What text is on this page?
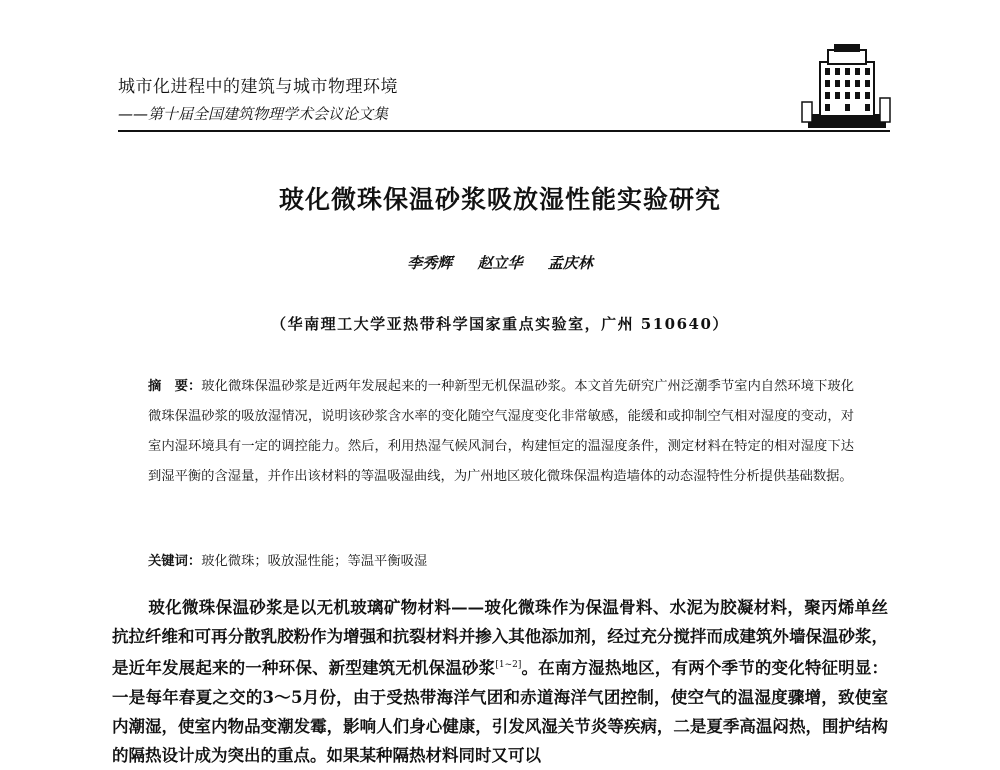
城市化进程中的建筑与城市物理环境
——第十届全国建筑物理学术会议论文集
玻化微珠保温砂浆吸放湿性能实验研究
李秀辉 赵立华 孟庆林
（华南理工大学亚热带科学国家重点实验室，广州 510640）
摘　要：玻化微珠保温砂浆是近两年发展起来的一种新型无机保温砂浆。本文首先研究广州泛潮季节室内自然环境下玻化微珠保温砂浆的吸放湿情况，说明该砂浆含水率的变化随空气湿度变化非常敏感，能缓和或抑制空气相对湿度的变动，对室内湿环境具有一定的调控能力。然后，利用热湿气候风洞台，构建恒定的温湿度条件，测定材料在特定的相对湿度下达到湿平衡的含湿量，并作出该材料的等温吸湿曲线，为广州地区玻化微珠保温构造墙体的动态湿特性分析提供基础数据。
关键词：玻化微珠；吸放湿性能；等温平衡吸湿
玻化微珠保温砂浆是以无机玻璃矿物材料——玻化微珠作为保温骨料、水泥为胶凝材料，聚丙烯单丝抗拉纤维和可再分散乳胶粉作为增强和抗裂材料并掺入其他添加剂，经过充分搅拌而成建筑外墙保温砂浆，是近年发展起来的一种环保、新型建筑无机保温砂浆[1~2]。在南方湿热地区，有两个季节的变化特征明显：一是每年春夏之交的3～5月份，由于受热带海洋气团和赤道海洋气团控制，使空气的温湿度骤增，致使室内潮湿，使室内物品变潮发霉，影响人们身心健康，引发风湿关节炎等疾病，二是夏季高温闷热，围护结构的隔热设计成为突出的重点。如果某种隔热材料同时又可以
